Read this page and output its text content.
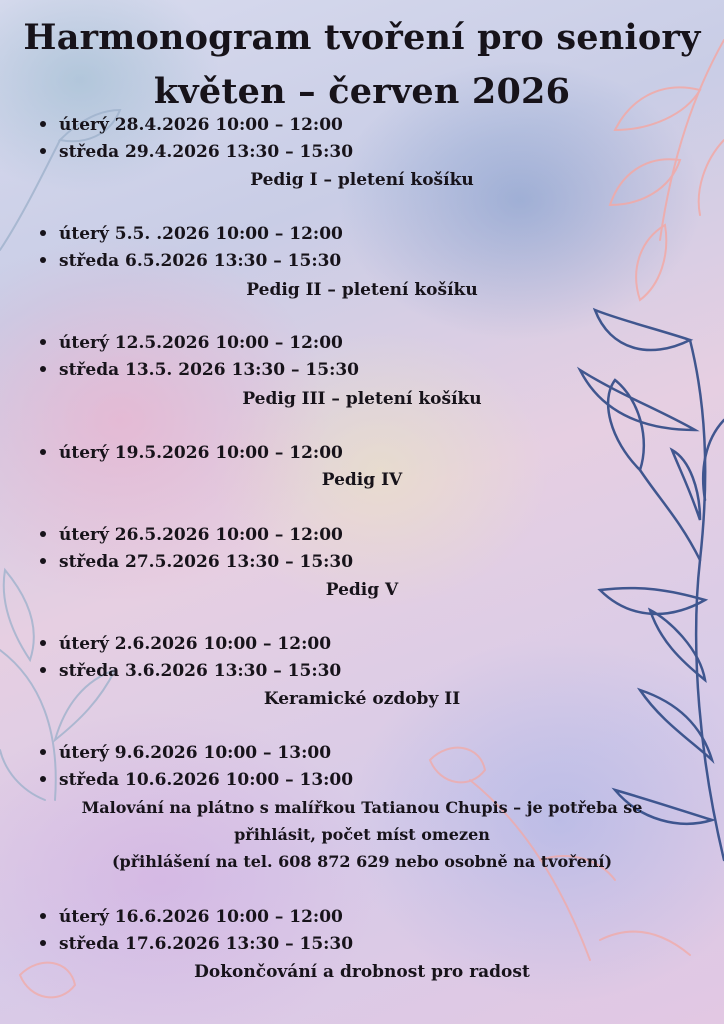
Harmonogram tvoření pro seniory
květen – červen 2026
úterý 28.4.2026 10:00 – 12:00
středa 29.4.2026 13:30 – 15:30
Pedig I – pletení košíku
úterý 5.5. .2026 10:00 – 12:00
středa 6.5.2026 13:30 – 15:30
Pedig II – pletení košíku
úterý 12.5.2026 10:00 – 12:00
středa 13.5. 2026 13:30 – 15:30
Pedig III – pletení košíku
úterý 19.5.2026 10:00 – 12:00
Pedig IV
úterý 26.5.2026 10:00 – 12:00
středa 27.5.2026 13:30 – 15:30
Pedig V
úterý 2.6.2026 10:00 – 12:00
středa 3.6.2026 13:30 – 15:30
Keramické ozdoby II
úterý 9.6.2026 10:00 – 13:00
středa 10.6.2026 10:00 – 13:00
Malování na plátno s malířkou Tatianou Chupis – je potřeba se
přihlásit, počet míst omezen
(přihlášení na tel. 608 872 629 nebo osobně na tvoření)
úterý 16.6.2026 10:00 – 12:00
středa 17.6.2026 13:30 – 15:30
Dokončování a drobnost pro radost
